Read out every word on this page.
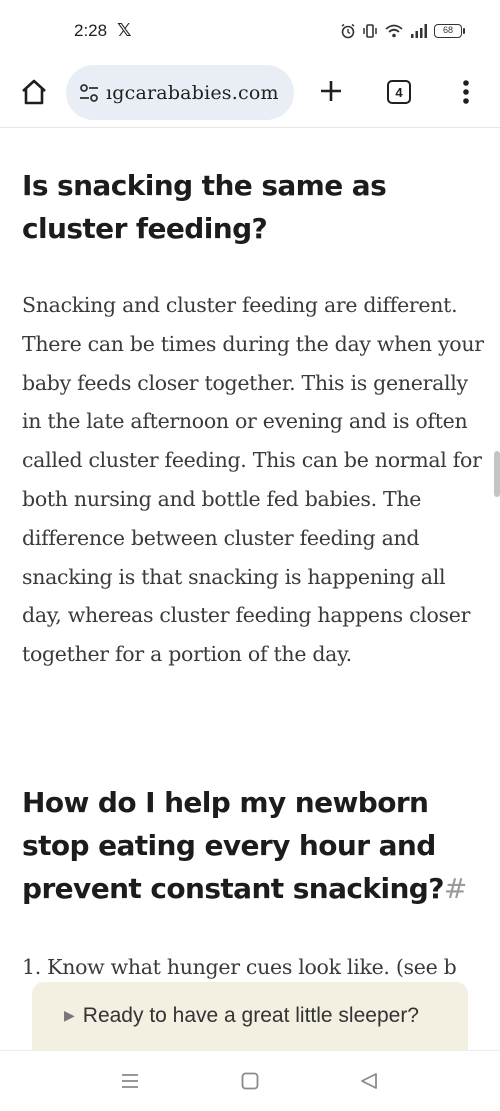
2:28 𝕏	68
ıgcarababies.com	4
Is snacking the same as cluster feeding?

Snacking and cluster feeding are different. There can be times during the day when your baby feeds closer together. This is generally in the late afternoon or evening and is often called cluster feeding. This can be normal for both nursing and bottle fed babies. The difference between cluster feeding and snacking is that snacking is happening all day, whereas cluster feeding happens closer together for a portion of the day.

How do I help my newborn stop eating every hour and prevent constant snacking?#

1. Know what hunger cues look like. (see b

▶ Ready to have a great little sleeper?
